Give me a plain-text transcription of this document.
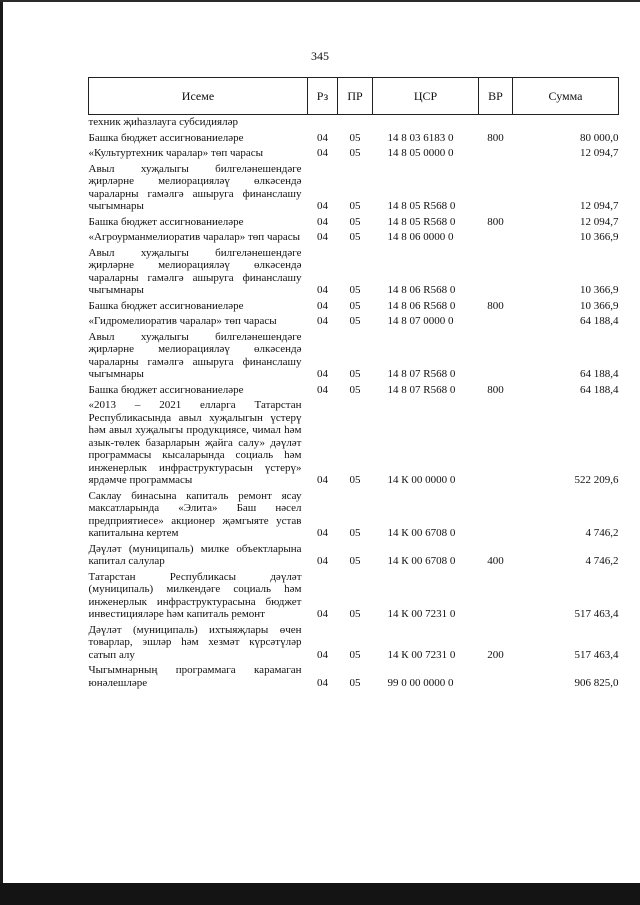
345
Исеме	Рз	ПР	ЦСР	ВР	Сумма
техник җиһазлауга субсидияләр					
Башка бюджет ассигнованиеләре	04	05	14 8 03 6183 0	800	80 000,0
«Культуртехник чаралар» төп чарасы	04	05	14 8 05 0000 0		12 094,7
Авыл хуҗалыгы билгеләнешендәге җирләрне мелиорацияләү өлкәсендә чараларны гамәлгә ашыруга финанслашу чыгымнары	04	05	14 8 05 R568 0		12 094,7
Башка бюджет ассигнованиеләре	04	05	14 8 05 R568 0	800	12 094,7
«Агроурманмелиоратив чаралар» төп чарасы	04	05	14 8 06 0000 0		10 366,9
Авыл хуҗалыгы билгеләнешендәге җирләрне мелиорацияләү өлкәсендә чараларны гамәлгә ашыруга финанслашу чыгымнары	04	05	14 8 06 R568 0		10 366,9
Башка бюджет ассигнованиеләре	04	05	14 8 06 R568 0	800	10 366,9
«Гидромелиоратив чаралар» төп чарасы	04	05	14 8 07 0000 0		64 188,4
Авыл хуҗалыгы билгеләнешендәге җирләрне мелиорацияләү өлкәсендә чараларны гамәлгә ашыруга финанслашу чыгымнары	04	05	14 8 07 R568 0		64 188,4
Башка бюджет ассигнованиеләре	04	05	14 8 07 R568 0	800	64 188,4
«2013 – 2021 елларга Татарстан Республикасында авыл хуҗалыгын үстерү һәм авыл хуҗалыгы продукциясе, чимал һәм азык-төлек базарларын җайга салу» дәүләт программасы кысаларында социаль һәм инженерлык инфраструктурасын үстерү» ярдәмче программасы	04	05	14 К 00 0000 0		522 209,6
Саклау бинасына капиталь ремонт ясау максатларында «Элита» Баш нәсел предприятиесе» акционер җәмгыяте устав капиталына кертем	04	05	14 К 00 6708 0		4 746,2
Дәүләт (муниципаль) милке объектларына капитал салулар	04	05	14 К 00 6708 0	400	4 746,2
Татарстан Республикасы дәүләт (муниципаль) милкендәге социаль һәм инженерлык инфраструктурасына бюджет инвестицияләре һәм капиталь ремонт	04	05	14 К 00 7231 0		517 463,4
Дәүләт (муниципаль) ихтыяҗлары өчен товарлар, эшләр һәм хезмәт күрсәтүләр сатып алу	04	05	14 К 00 7231 0	200	517 463,4
Чыгымнарның программага карамаган юнәлешләре	04	05	99 0 00 0000 0		906 825,0
